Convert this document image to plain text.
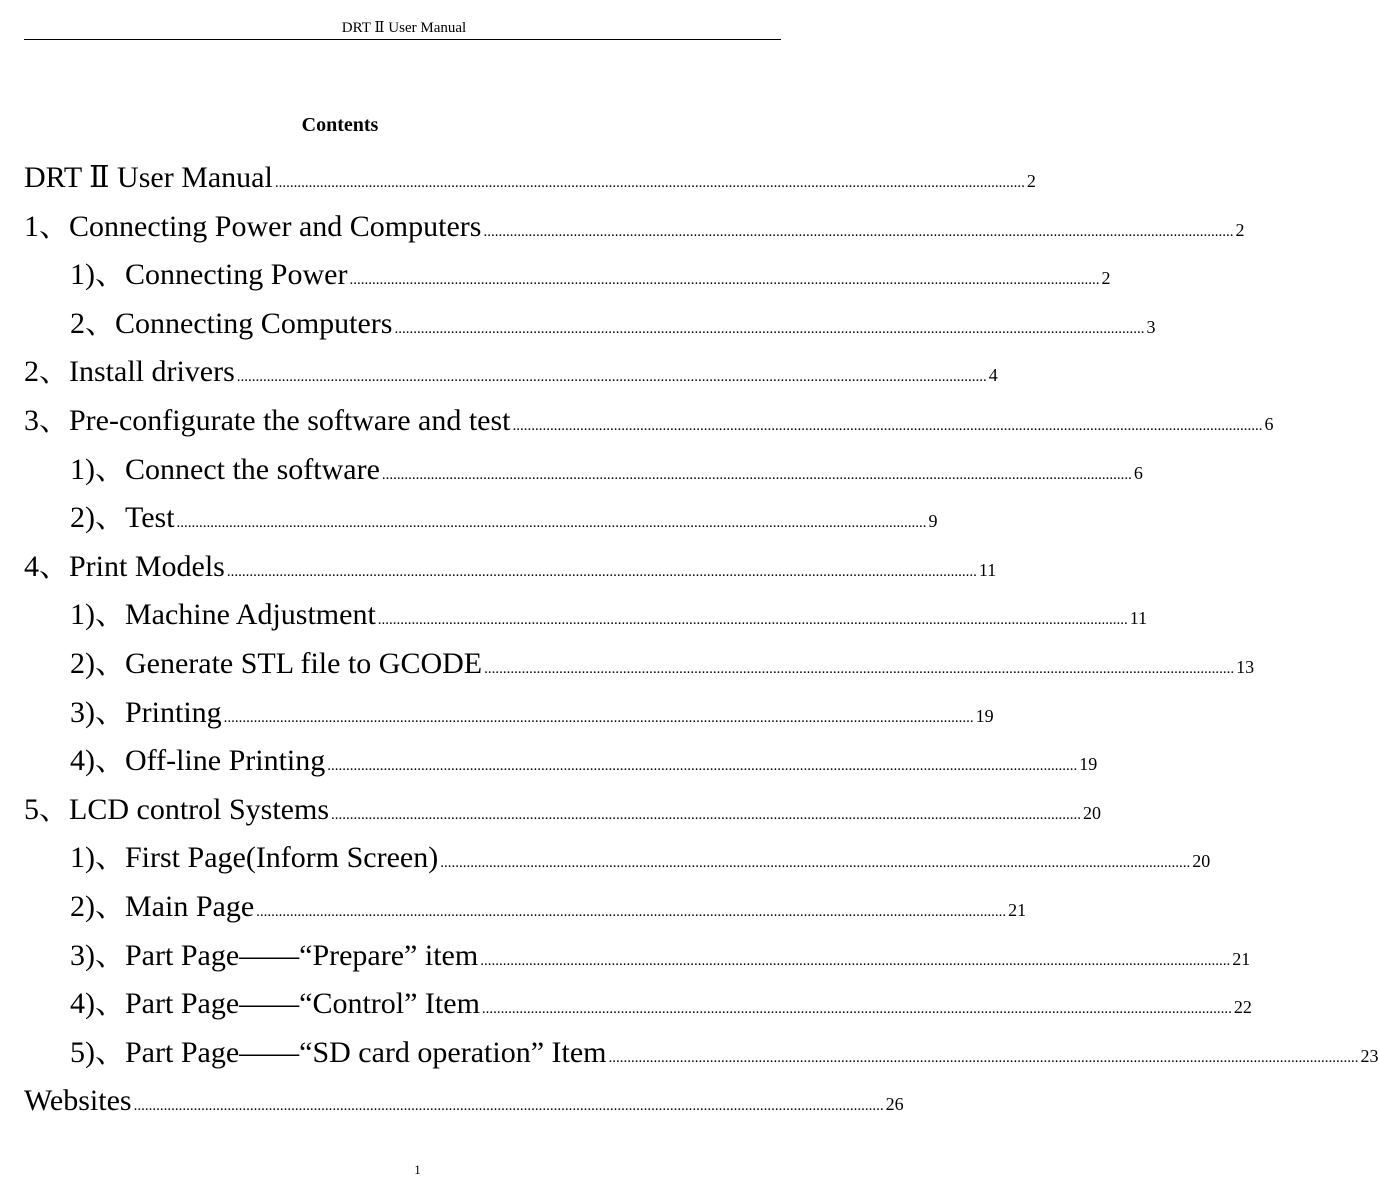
DRT Ⅱ User Manual
Contents
DRT Ⅱ User Manual ........................................................................................................................................................................................................ 2
1、Connecting Power and Computers ........................................................................................................................................................................................................ 2
1)、Connecting Power ........................................................................................................................................................................................................ 2
2、Connecting Computers ........................................................................................................................................................................................................ 3
2、Install drivers ........................................................................................................................................................................................................ 4
3、Pre-configurate the software and test ........................................................................................................................................................................................................ 6
1)、Connect the software ........................................................................................................................................................................................................ 6
2)、Test ........................................................................................................................................................................................................ 9
4、Print Models ........................................................................................................................................................................................................ 11
1)、Machine Adjustment ........................................................................................................................................................................................................ 11
2)、Generate STL file to GCODE ........................................................................................................................................................................................................ 13
3)、Printing ........................................................................................................................................................................................................ 19
4)、Off-line Printing ........................................................................................................................................................................................................ 19
5、LCD control Systems ........................................................................................................................................................................................................ 20
1)、First Page(Inform Screen) ........................................................................................................................................................................................................ 20
2)、Main Page ........................................................................................................................................................................................................ 21
3)、Part Page——“Prepare” item ........................................................................................................................................................................................................ 21
4)、Part Page——“Control” Item ........................................................................................................................................................................................................ 22
5)、Part Page——“SD card operation” Item ........................................................................................................................................................................................................ 23
Websites ........................................................................................................................................................................................................ 26
1
